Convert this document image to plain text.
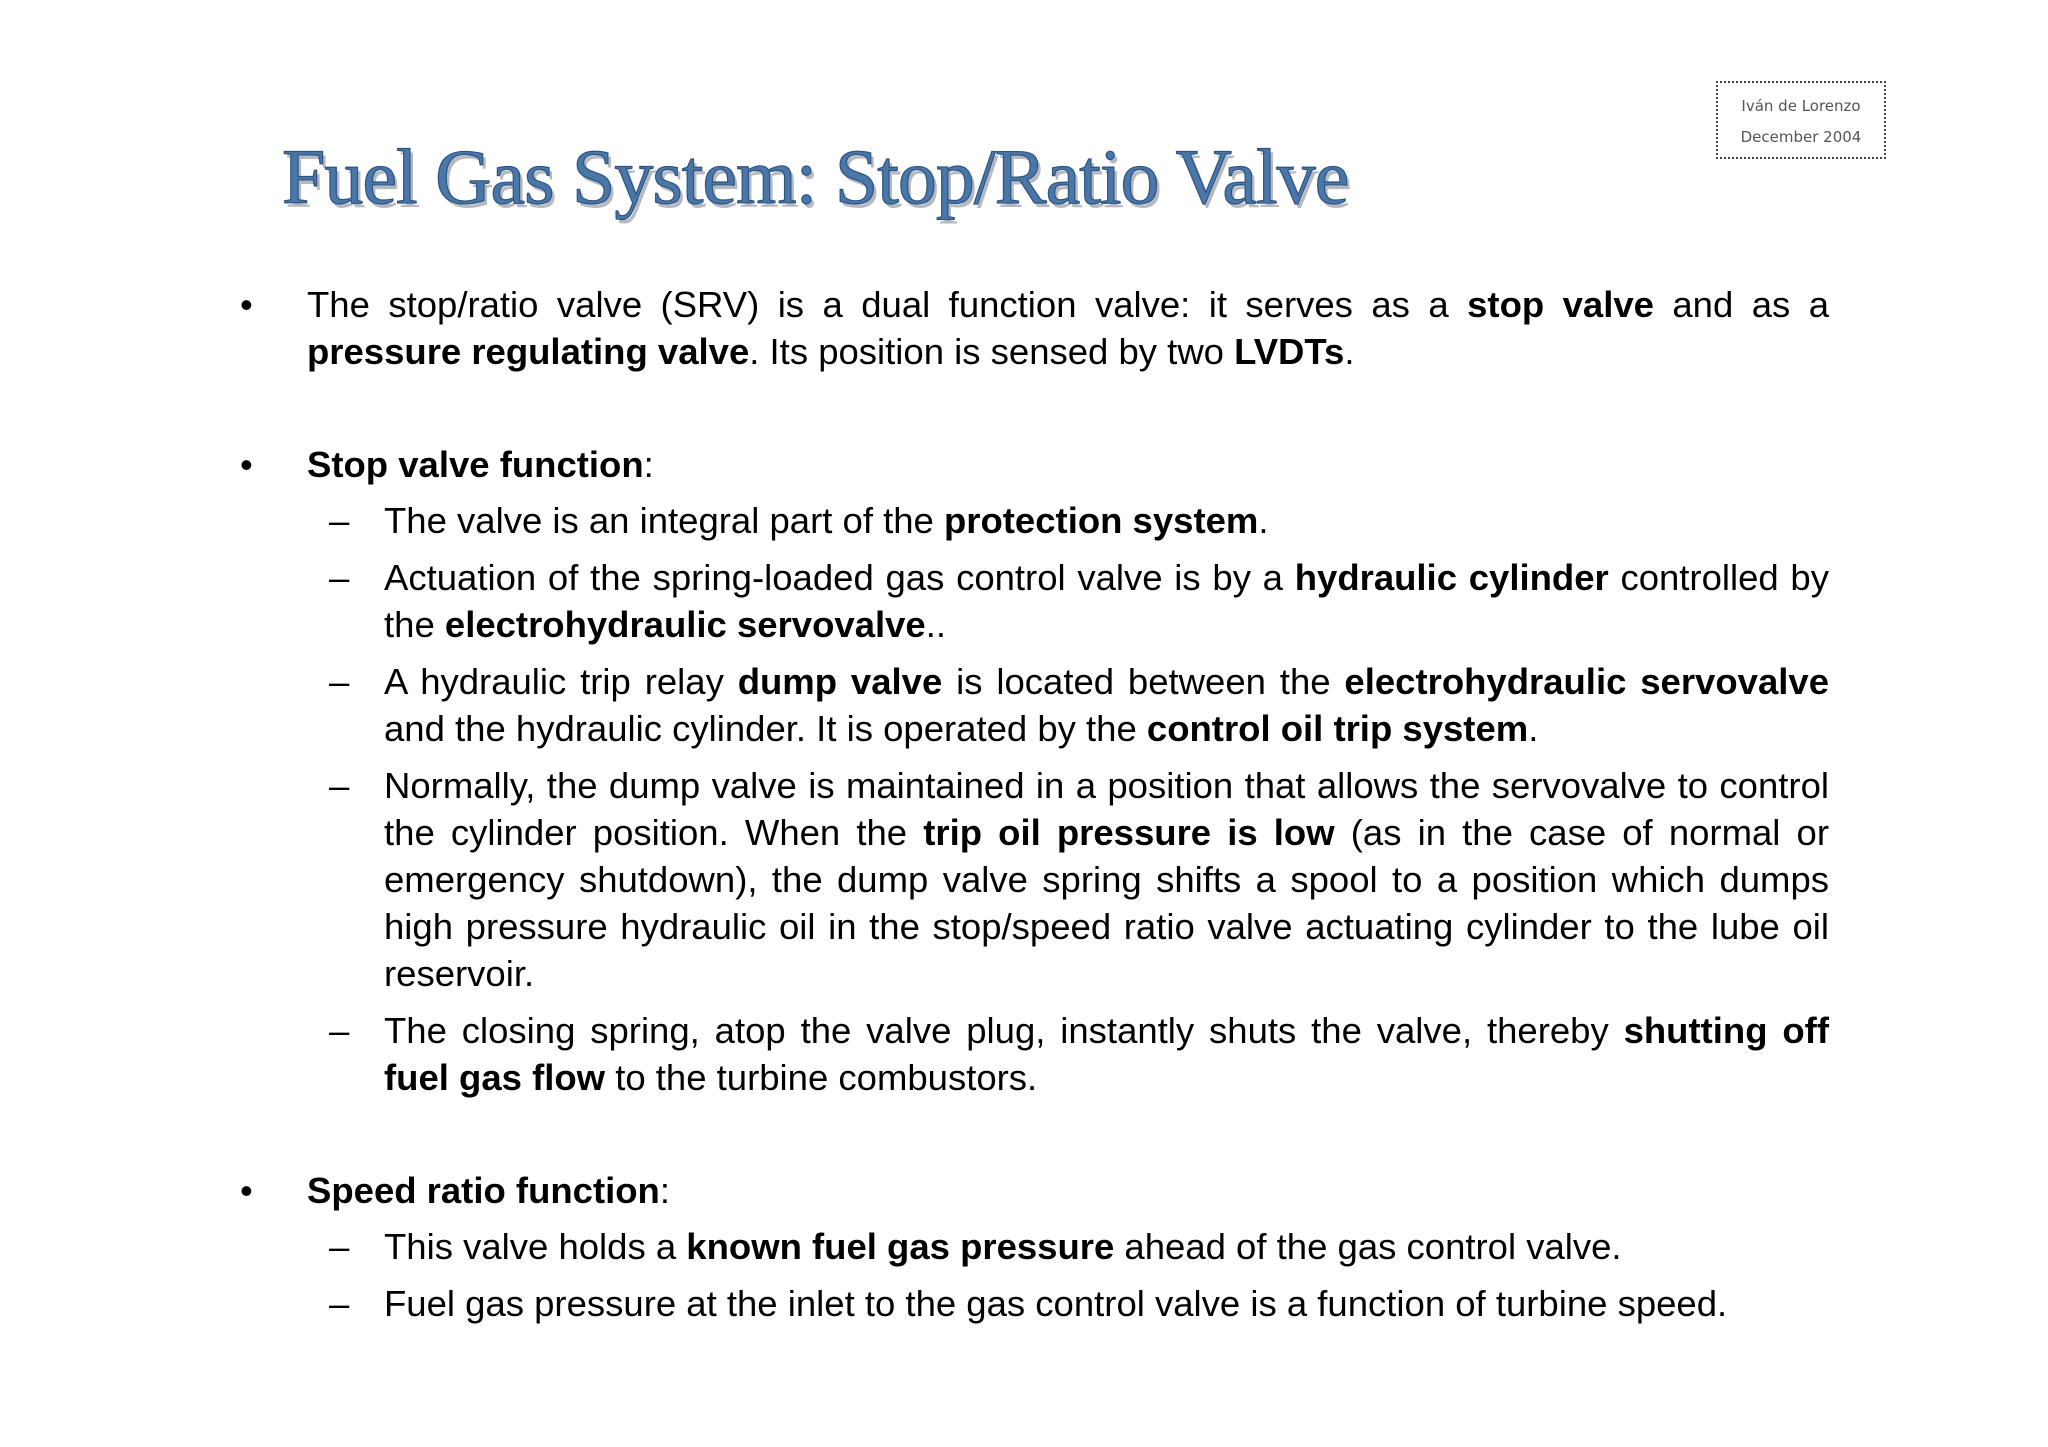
Iván de Lorenzo
December 2004
Fuel Gas System: Stop/Ratio Valve
• The stop/ratio valve (SRV) is a dual function valve: it serves as a stop valve and as a pressure regulating valve. Its position is sensed by two LVDTs.
• Stop valve function:
– The valve is an integral part of the protection system.
– Actuation of the spring-loaded gas control valve is by a hydraulic cylinder controlled by the electrohydraulic servovalve..
– A hydraulic trip relay dump valve is located between the electrohydraulic servovalve and the hydraulic cylinder. It is operated by the control oil trip system.
– Normally, the dump valve is maintained in a position that allows the servovalve to control the cylinder position. When the trip oil pressure is low (as in the case of normal or emergency shutdown), the dump valve spring shifts a spool to a position which dumps high pressure hydraulic oil in the stop/speed ratio valve actuating cylinder to the lube oil reservoir.
– The closing spring, atop the valve plug, instantly shuts the valve, thereby shutting off fuel gas flow to the turbine combustors.
• Speed ratio function:
– This valve holds a known fuel gas pressure ahead of the gas control valve.
– Fuel gas pressure at the inlet to the gas control valve is a function of turbine speed.
